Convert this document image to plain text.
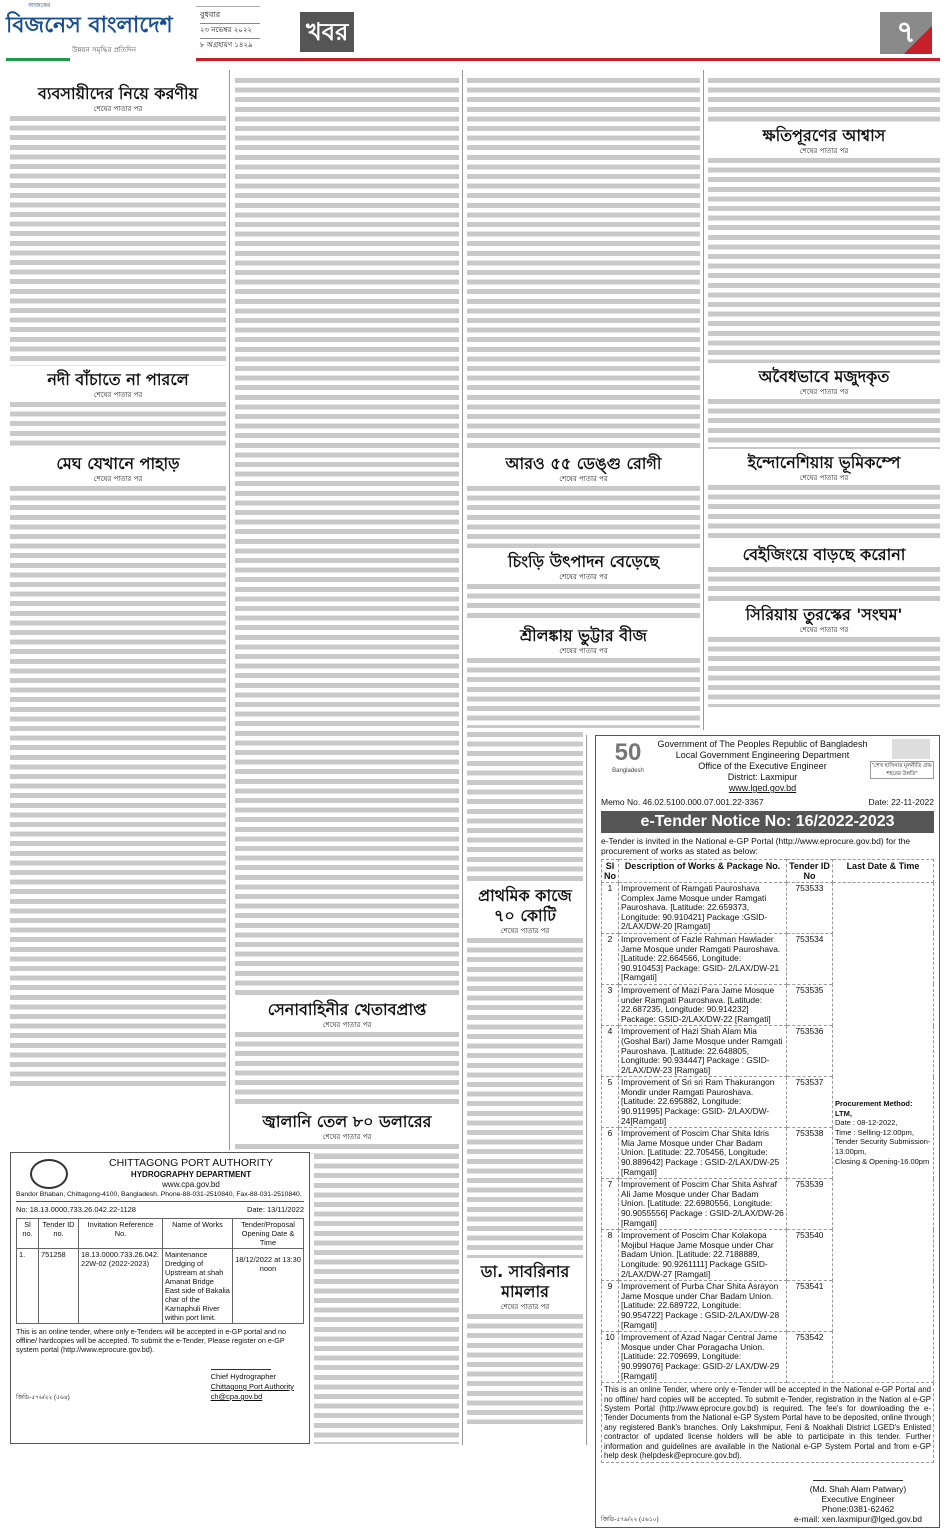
আজকের
বিজনেস বাংলাদেশ
উন্নয়ন সমৃদ্ধির প্রতিদিন
বুধবার
২৩ নভেম্বর ২০২২
৮ অগ্রহায়ণ ১৪২৯ খবর	৭
ব্যবসায়ীদের নিয়ে করণীয়
শেষের পাতার পর
নদী বাঁচাতে না পারলে
শেষের পাতার পর
মেঘ যেখানে পাহাড়
শেষের পাতার পর
সেনাবাহিনীর খেতাবপ্রাপ্ত
শেষের পাতার পর
জ্বালানি তেল ৮০ ডলারের
শেষের পাতার পর
আরও ৫৫ ডেঙ্গু রোগী
শেষের পাতার পর
চিংড়ি উৎপাদন বেড়েছে
শেষের পাতার পর
শ্রীলঙ্কায় ভুট্টার বীজ
শেষের পাতার পর
প্রাথমিক কাজে
৭০ কোটি
শেষের পাতার পর
ডা. সাবরিনার
মামলার
শেষের পাতার পর
ক্ষতিপূরণের আশ্বাস
শেষের পাতার পর
অবৈধভাবে মজুদকৃত
শেষের পাতার পর
ইন্দোনেশিয়ায় ভূমিকম্পে
শেষের পাতার পর
বেইজিংয়ে বাড়ছে করোনা
সিরিয়ায় তুরস্কের 'সংঘম'
শেষের পাতার পর
CHITTAGONG PORT AUTHORITY
HYDROGRAPHY DEPARTMENT
www.cpa.gov.bd
Bandor Bhaban, Chittagong-4100, Bangladesh. Phone-88-031-2510840, Fax-88-031-2510840.
No: 18.13.0000.733.26.042.22-1128	Date: 13/11/2022
Sl no.	Tender ID no.	Invitation Reference No.	Name of Works	Tender/Proposal Opening Date & Time
1.	751258	18.13.0000.733.26.042.22W-02 (2022-2023)	Maintenance Dredging of Upstream at shah Amanat Bridge East side of Bakalia char of the Karnaphuli River within port limit.	18/12/2022 at 13:30 noon
This is an online tender, where only e-Tenders will be accepted in e-GP portal and no offline/ hardcopies will be accepted. To submit the e-Tender, Please register on e-GP system portal (http://www.eprocure.gov.bd).
জিডি-৫৭৬/২২ (৫৬৪)
Chief Hydrographer
Chittagong Port Authority
ch@cpa.gov.bd
50
Bangladesh
Government of The Peoples Republic of Bangladesh
Local Government Engineering Department
Office of the Executive Engineer
District: Laxmipur
www.lged.gov.bd
"শেখ হাসিনার মূলনীতি গ্রাম শহরের উন্নতি"
Memo No. 46.02.5100.000.07.001.22-3367	Date: 22-11-2022
e-Tender Notice No: 16/2022-2023
e-Tender is invited in the National e-GP Portal (http://www.eprocure.gov.bd) for the procurement of works as stated as below:
Sl No	Description of Works & Package No.	Tender ID No	Last Date & Time
1	Improvement of Ramgati Pauroshava Complex Jame Mosque under Ramgati Pauroshava. [Latitude: 22.659373, Longitude: 90.910421] Package :GSID-2/LAX/DW-20 [Ramgati]	753533	Procurement Method: LTM,
Date : 08-12-2022,
Time : Selling-12.00pm,
Tender Security Submission-13.00pm,
Closing & Opening-16.00pm

2	Improvement of Fazle Rahman Hawlader Jame Mosque under Ramgati Pauroshava. [Latitude: 22.664566, Longitude: 90.910453] Package: GSID- 2/LAX/DW-21 [Ramgati]	753534	
3	Improvement of Mazi Para Jame Mosque under Ramgati Pauroshava. [Latitude: 22.687235, Longitude: 90.914232] Package: GSID-2/LAX/DW-22 [Ramgati]	753535	
4	Improvement of Hazi Shah Alam Mia (Goshal Bari) Jame Mosque under Ramgati Pauroshava. [Latitude: 22.648805, Longitude: 90.934447] Package : GSID-2/LAX/DW-23 [Ramgati]	753536	
5	Improvement of Sri sri Ram Thakurangon Mondir under Ramgati Pauroshava. [Latitude: 22.695882, Longitude: 90.911995] Package: GSID- 2/LAX/DW-24[Ramgati]	753537	
6	Improvement of Poscim Char Shita Idris Mia Jame Mosque under Char Badam Union. [Latitude: 22.705456, Longitude: 90.889642] Package : GSID-2/LAX/DW-25 [Ramgati]	753538	
7	Improvement of Poscim Char Shita Ashraf Ali Jame Mosque under Char Badam Union. [Latitude: 22.6980556, Longitude: 90.9055556] Package : GSID-2/LAX/DW-26 [Ramgati]	753539	
8	Improvement of Poscim Char Kolakopa Mojibul Haque Jame Mosque under Char Badam Union. [Latitude: 22.7188889, Longitude: 90.9261111] Package GSID-2/LAX/DW-27 [Ramgati]	753540	
9	Improvement of Purba Char Shita Asrayon Jame Mosque under Char Badam Union. [Latitude: 22.689722, Longitude: 90.954722] Package : GSID-2/LAX/DW-28 [Ramgati]	753541	
10	Improvement of Azad Nagar Central Jame Mosque under Char Poragacha Union. [Latitude: 22.709699, Longitude: 90.999076] Package: GSID-2/ LAX/DW-29 [Ramgati]	753542	
This is an online Tender, where only e-Tender will be accepted in the National e-GP Portal and no offline/ hard copies will be accepted. To submit e-Tender, registration in the Nation al e-GP System Portal (http://www.eprocure.gov.bd) is required. The fee's for downloading the e-Tender Documents from the National e-GP System Portal have to be deposited, online through any registered Bank's branches. Only Lakshmipur, Feni & Noakhali District LGED's Enlisted contractor of updated license holders will be able to participate in this tender. Further information and guidelines are available in the National e-GP System Portal and from e-GP help desk (helpdesk@eprocure.gov.bd).
জিডি-৫৭৯/২২ (৫৬১০)
(Md. Shah Alam Patwary)
Executive Engineer
Phone:0381-62462
e-mail: xen.laxmipur@lged.gov.bd
